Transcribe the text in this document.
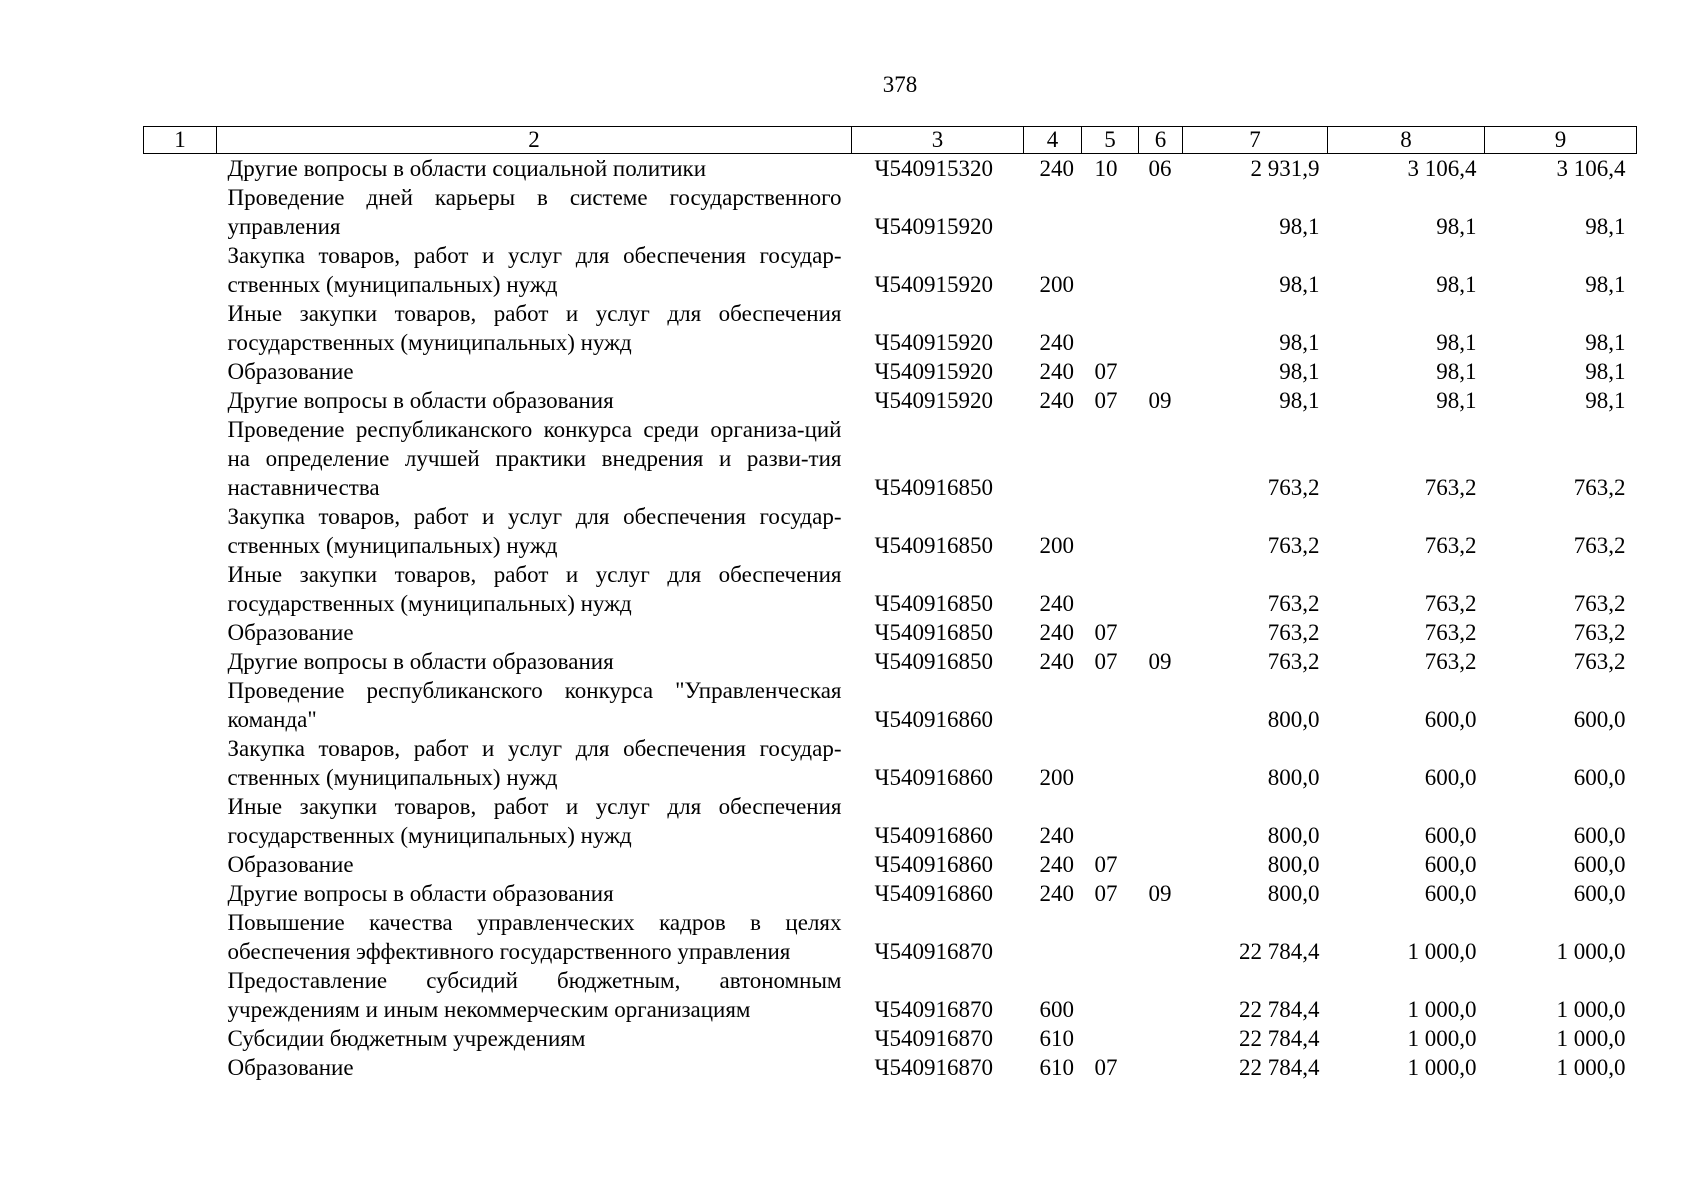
378
1	2	3	4	5	6	7	8	9
	Другие вопросы в области социальной политики	Ч540915320	240	10	06	2 931,9	3 106,4	3 106,4
	Проведение дней карьеры в системе государственного управления	Ч540915920				98,1	98,1	98,1
	Закупка товаров, работ и услуг для обеспечения государ-ственных (муниципальных) нужд	Ч540915920	200			98,1	98,1	98,1
	Иные закупки товаров, работ и услуг для обеспечения государственных (муниципальных) нужд	Ч540915920	240			98,1	98,1	98,1
	Образование	Ч540915920	240	07		98,1	98,1	98,1
	Другие вопросы в области образования	Ч540915920	240	07	09	98,1	98,1	98,1
	Проведение республиканского конкурса среди организа-ций на определение лучшей практики внедрения и разви-тия наставничества	Ч540916850				763,2	763,2	763,2
	Закупка товаров, работ и услуг для обеспечения государ-ственных (муниципальных) нужд	Ч540916850	200			763,2	763,2	763,2
	Иные закупки товаров, работ и услуг для обеспечения государственных (муниципальных) нужд	Ч540916850	240			763,2	763,2	763,2
	Образование	Ч540916850	240	07		763,2	763,2	763,2
	Другие вопросы в области образования	Ч540916850	240	07	09	763,2	763,2	763,2
	Проведение республиканского конкурса "Управленческая команда"	Ч540916860				800,0	600,0	600,0
	Закупка товаров, работ и услуг для обеспечения государ-ственных (муниципальных) нужд	Ч540916860	200			800,0	600,0	600,0
	Иные закупки товаров, работ и услуг для обеспечения государственных (муниципальных) нужд	Ч540916860	240			800,0	600,0	600,0
	Образование	Ч540916860	240	07		800,0	600,0	600,0
	Другие вопросы в области образования	Ч540916860	240	07	09	800,0	600,0	600,0
	Повышение качества управленческих кадров в целях обеспечения эффективного государственного управления	Ч540916870				22 784,4	1 000,0	1 000,0
	Предоставление субсидий бюджетным, автономным учреждениям и иным некоммерческим организациям	Ч540916870	600			22 784,4	1 000,0	1 000,0
	Субсидии бюджетным учреждениям	Ч540916870	610			22 784,4	1 000,0	1 000,0
	Образование	Ч540916870	610	07		22 784,4	1 000,0	1 000,0
